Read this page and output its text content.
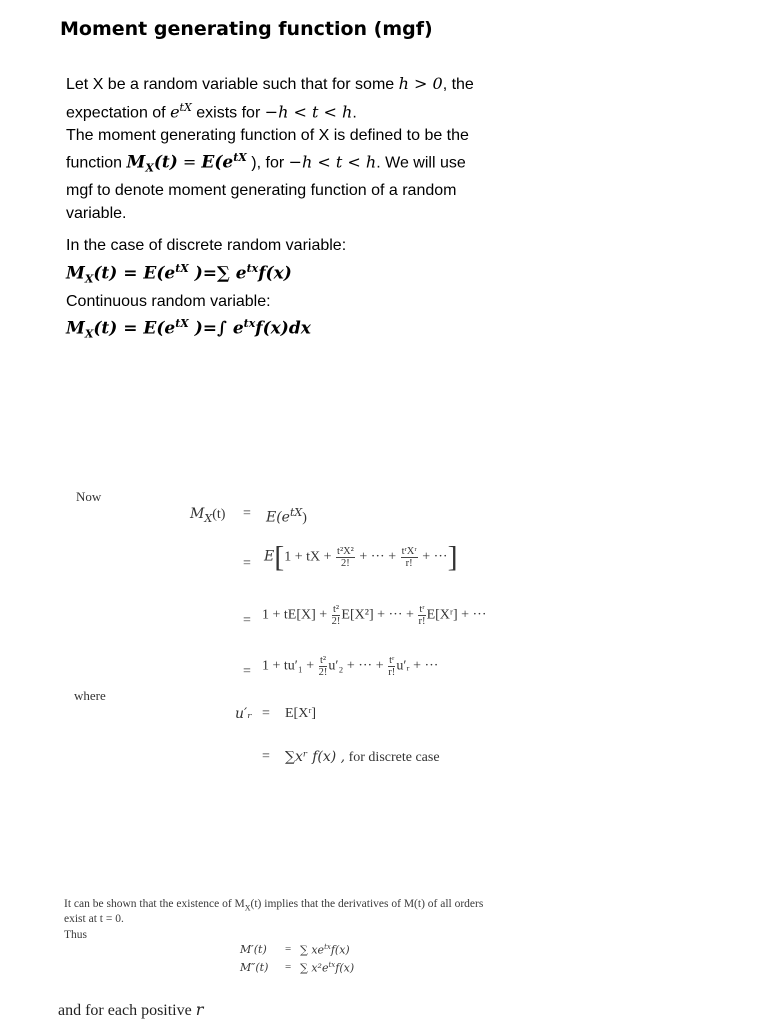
Moment generating function (mgf)

Let X be a random variable such that for some h > 0, the

expectation of $e^{tX}$ exists for −h < t < h.

The moment generating function of X is defined to be the

function $M_X(t) = E(e^{tX}$ ), for −h < t < h. We will use

mgf to denote moment generating function of a random

variable.

In the case of discrete random variable:

$M_X(t) = E(e^{tX}$ )=∑ $e^{tx}f(x)$

Continuous random variable:

$M_X(t) = E(e^{tX}$ )=∫ $e^{tx}f(x)dx$

Now
$M_X(t) = E(e^{tX})$
= E[1 + tX + $\frac{\text{t²X²}}{2!}$ + ··· + $\frac{\text{tʳXʳ}}{r!}$ + ···]
= $1 + tE[X] + \frac{\text{t²}}{2!} E[X^2]$ + ··· + $\frac{\text{tʳ}}{r!}$ E[Xʳ] + ···
= $1 + tu'_1 + \frac{\text{t²}}{2!} u'_2$ + ··· + $\frac{\text{tʳ}}{r!}$ u′ᵣ + ···
where
u′ᵣ = E[Xʳ]
= ∑xʳ f(x) , for discrete case
It can be shown that the existence of $M_X(t)$ implies that the derivatives of M(t) of all orders
exist at t = 0.
Thus
M′(t) = ∑ $xe^{tx}f(x)$
M″(t) = ∑ $x^2e^{tx}f(x)$
and for each positive r
